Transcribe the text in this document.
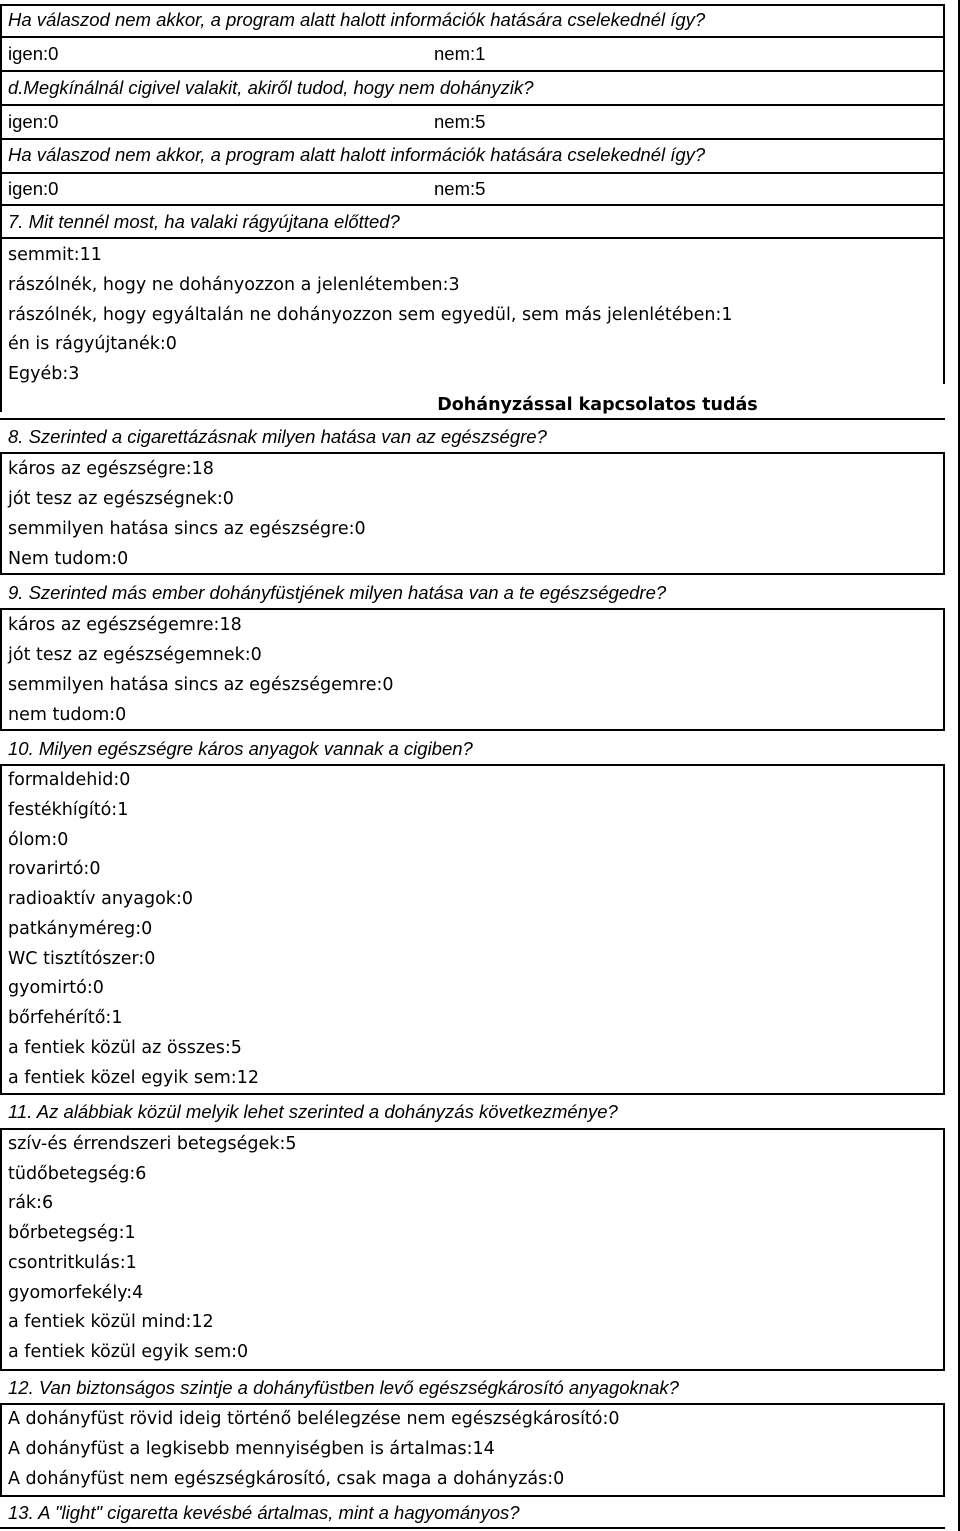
Ha válaszod nem akkor, a program alatt halott információk hatására cselekednél így?
igen:0	nem:1
d.Megkínálnál cigivel valakit, akiről tudod, hogy nem dohányzik?
igen:0	nem:5
Ha válaszod nem akkor, a program alatt halott információk hatására cselekednél így?
igen:0	nem:5
7. Mit tennél most, ha valaki rágyújtana előtted?
semmit:11
rászólnék, hogy ne dohányozzon a jelenlétemben:3
rászólnék, hogy egyáltalán ne dohányozzon sem egyedül, sem más jelenlétében:1
én is rágyújtanék:0
Egyéb:3
Dohányzással kapcsolatos tudás
8. Szerinted a cigarettázásnak milyen hatása van az egészségre?
káros az egészségre:18
jót tesz az egészségnek:0
semmilyen hatása sincs az egészségre:0
Nem tudom:0
9. Szerinted más ember dohányfüstjének milyen hatása van a te egészségedre?
káros az egészségemre:18
jót tesz az egészségemnek:0
semmilyen hatása sincs az egészségemre:0
nem tudom:0
10. Milyen egészségre káros anyagok vannak a cigiben?
formaldehid:0
festékhígító:1
ólom:0
rovarirtó:0
radioaktív anyagok:0
patkányméreg:0
WC tisztítószer:0
gyomirtó:0
bőrfehérítő:1
a fentiek közül az összes:5
a fentiek közel egyik sem:12
11. Az alábbiak közül melyik lehet szerinted a dohányzás következménye?
szív-és érrendszeri betegségek:5
tüdőbetegség:6
rák:6
bőrbetegség:1
csontritkulás:1
gyomorfekély:4
a fentiek közül mind:12
a fentiek közül egyik sem:0
12. Van biztonságos szintje a dohányfüstben levő egészségkárosító anyagoknak?
A dohányfüst rövid ideig történő belélegzése nem egészségkárosító:0
A dohányfüst a legkisebb mennyiségben is ártalmas:14
A dohányfüst nem egészségkárosító, csak maga a dohányzás:0
13. A "light" cigaretta kevésbé ártalmas, mint a hagyományos?
